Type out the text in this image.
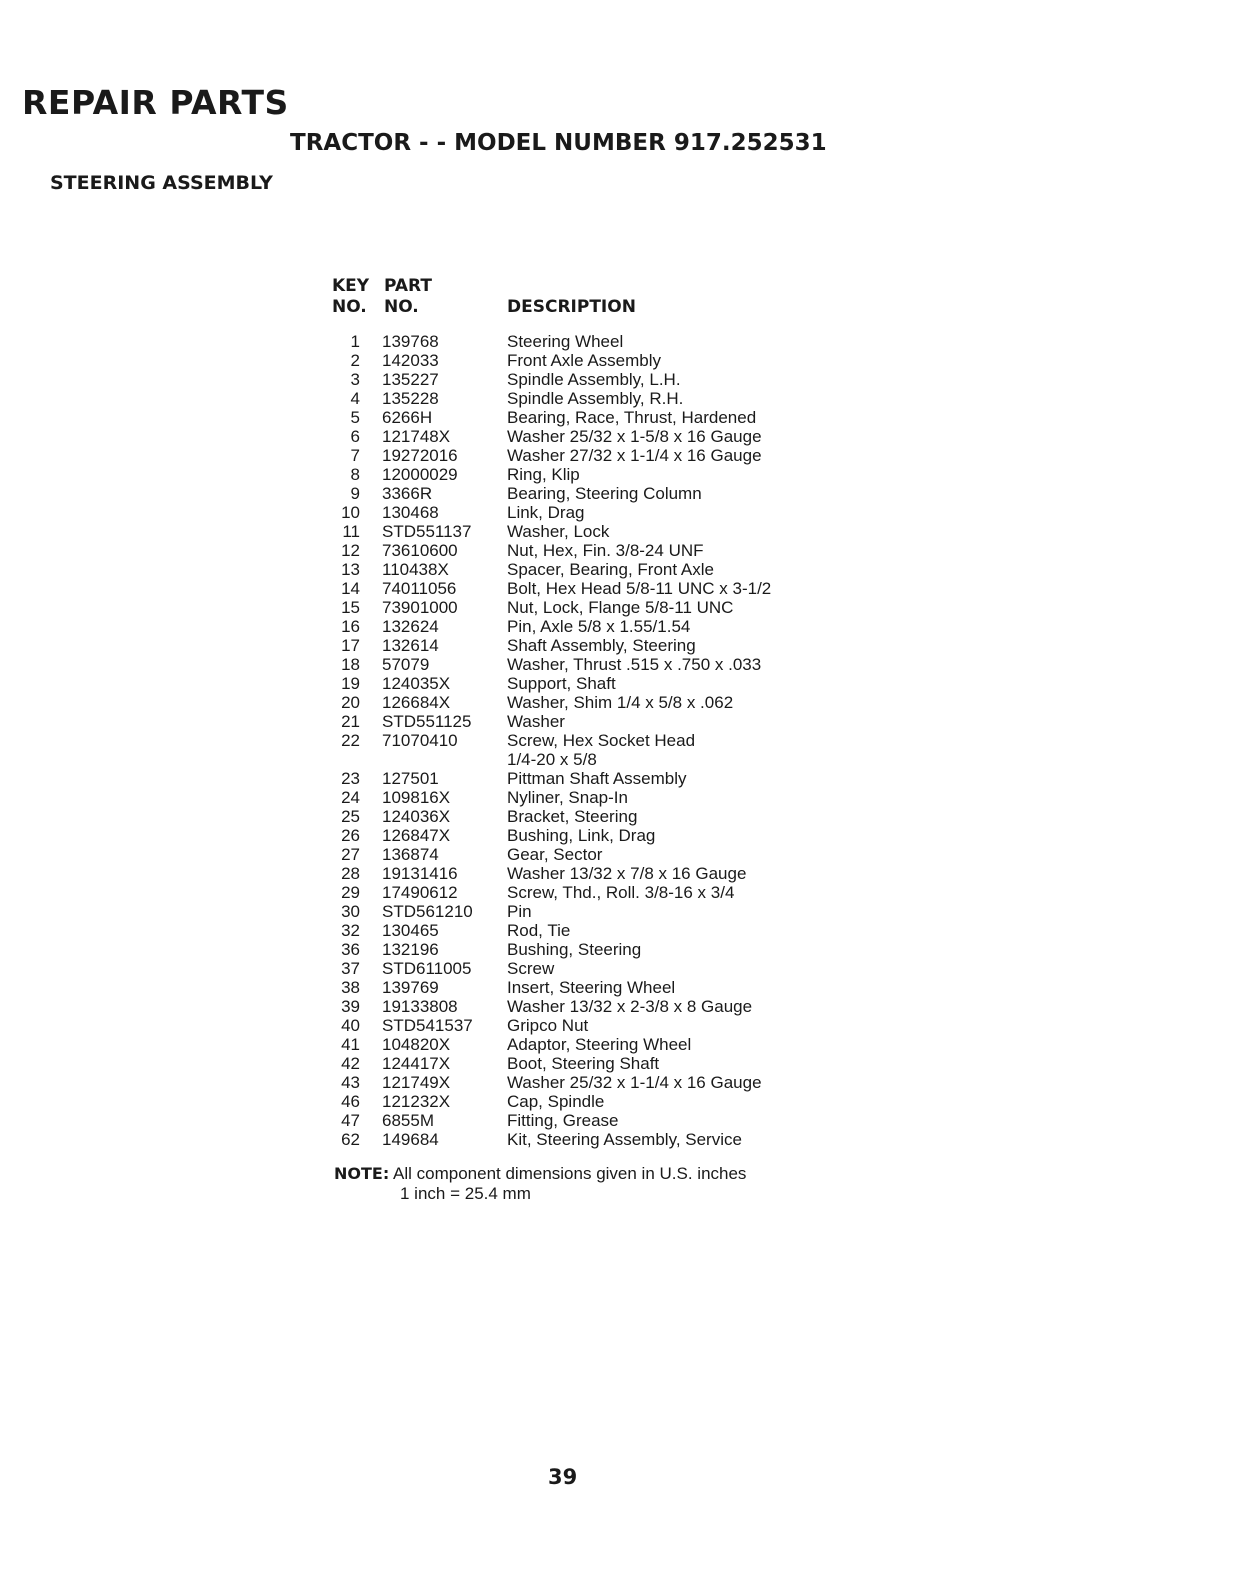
REPAIR PARTS
TRACTOR - - MODEL NUMBER 917.252531
STEERING ASSEMBLY
KEY
NO.
PART
NO.	DESCRIPTION
1	139768	Steering Wheel
2	142033	Front Axle Assembly
3	135227	Spindle Assembly, L.H.
4	135228	Spindle Assembly, R.H.
5	6266H	Bearing, Race, Thrust, Hardened
6	121748X	Washer 25/32 x 1-5/8 x 16 Gauge
7	19272016	Washer 27/32 x 1-1/4 x 16 Gauge
8	12000029	Ring, Klip
9	3366R	Bearing, Steering Column
10	130468	Link, Drag
11	STD551137	Washer, Lock
12	73610600	Nut, Hex, Fin. 3/8-24 UNF
13	110438X	Spacer, Bearing, Front Axle
14	74011056	Bolt, Hex Head 5/8-11 UNC x 3-1/2
15	73901000	Nut, Lock, Flange 5/8-11 UNC
16	132624	Pin, Axle 5/8 x 1.55/1.54
17	132614	Shaft Assembly, Steering
18	57079	Washer, Thrust .515 x .750 x .033
19	124035X	Support, Shaft
20	126684X	Washer, Shim 1/4 x 5/8 x .062
21	STD551125	Washer
22	71070410	Screw, Hex Socket Head
1/4-20 x 5/8
23	127501	Pittman Shaft Assembly
24	109816X	Nyliner, Snap-In
25	124036X	Bracket, Steering
26	126847X	Bushing, Link, Drag
27	136874	Gear, Sector
28	19131416	Washer 13/32 x 7/8 x 16 Gauge
29	17490612	Screw, Thd., Roll. 3/8-16 x 3/4
30	STD561210	Pin
32	130465	Rod, Tie
36	132196	Bushing, Steering
37	STD611005	Screw
38	139769	Insert, Steering Wheel
39	19133808	Washer 13/32 x 2-3/8 x 8 Gauge
40	STD541537	Gripco Nut
41	104820X	Adaptor, Steering Wheel
42	124417X	Boot, Steering Shaft
43	121749X	Washer 25/32 x 1-1/4 x 16 Gauge
46	121232X	Cap, Spindle
47	6855M	Fitting, Grease
62	149684	Kit, Steering Assembly, Service
NOTE: All component dimensions given in U.S. inches
1 inch = 25.4 mm
39
